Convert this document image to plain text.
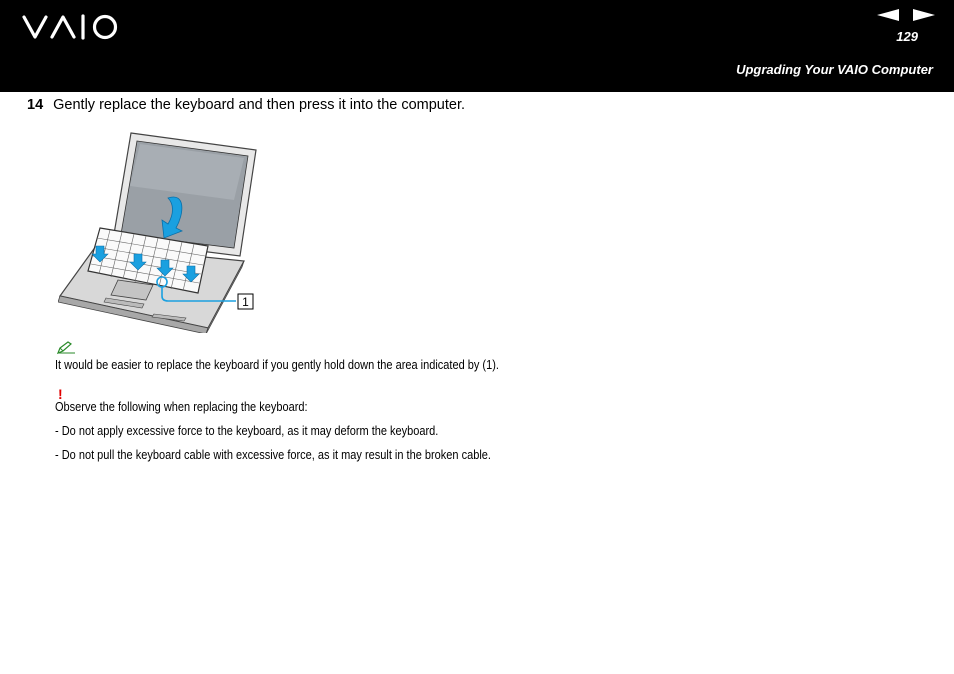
129
Upgrading Your VAIO Computer
14 Gently replace the keyboard and then press it into the computer.
1
It would be easier to replace the keyboard if you gently hold down the area indicated by (1).
!
Observe the following when replacing the keyboard:
- Do not apply excessive force to the keyboard, as it may deform the keyboard.
- Do not pull the keyboard cable with excessive force, as it may result in the broken cable.
